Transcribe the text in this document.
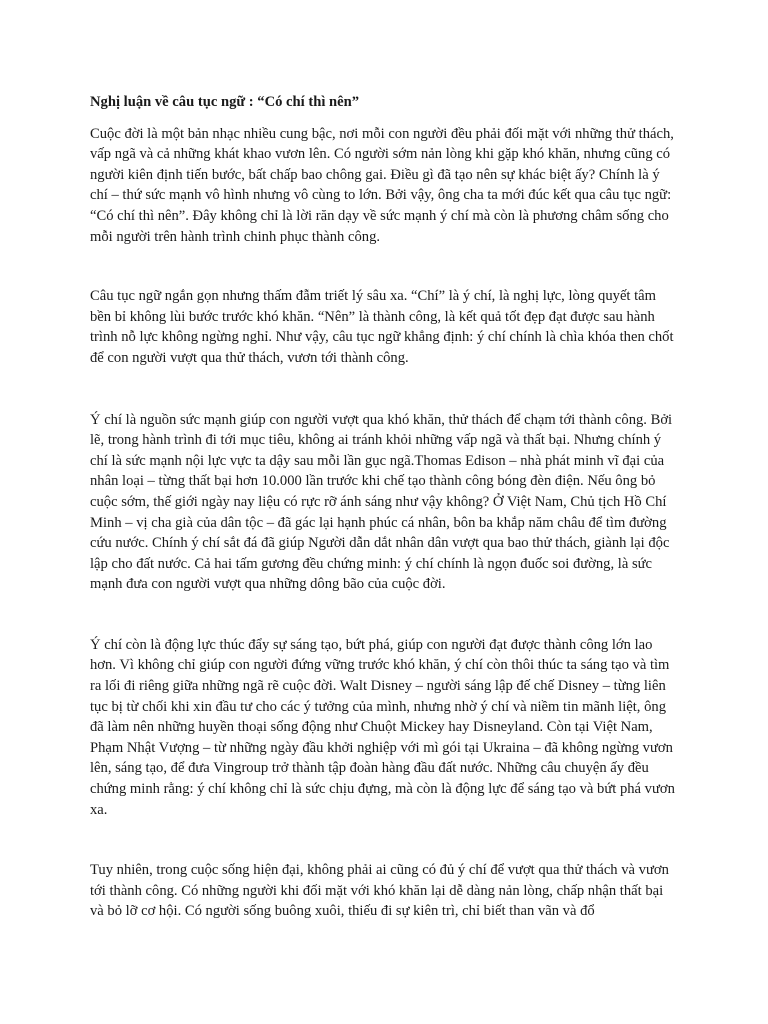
Nghị luận về câu tục ngữ : “Có chí thì nên”

Cuộc đời là một bản nhạc nhiều cung bậc, nơi mỗi con người đều phải đối mặt với những thử thách, vấp ngã và cả những khát khao vươn lên. Có người sớm nản lòng khi gặp khó khăn, nhưng cũng có người kiên định tiến bước, bất chấp bao chông gai. Điều gì đã tạo nên sự khác biệt ấy? Chính là ý chí – thứ sức mạnh vô hình nhưng vô cùng to lớn. Bởi vậy, ông cha ta mới đúc kết qua câu tục ngữ: “Có chí thì nên”. Đây không chỉ là lời răn dạy về sức mạnh ý chí mà còn là phương châm sống cho mỗi người trên hành trình chinh phục thành công.

Câu tục ngữ ngắn gọn nhưng thấm đẫm triết lý sâu xa. “Chí” là ý chí, là nghị lực, lòng quyết tâm bền bỉ không lùi bước trước khó khăn. “Nên” là thành công, là kết quả tốt đẹp đạt được sau hành trình nỗ lực không ngừng nghỉ. Như vậy, câu tục ngữ khẳng định: ý chí chính là chìa khóa then chốt để con người vượt qua thử thách, vươn tới thành công.

Ý chí là nguồn sức mạnh giúp con người vượt qua khó khăn, thử thách để chạm tới thành công. Bởi lẽ, trong hành trình đi tới mục tiêu, không ai tránh khỏi những vấp ngã và thất bại. Nhưng chính ý chí là sức mạnh nội lực vực ta dậy sau mỗi lần gục ngã.Thomas Edison – nhà phát minh vĩ đại của nhân loại – từng thất bại hơn 10.000 lần trước khi chế tạo thành công bóng đèn điện. Nếu ông bỏ cuộc sớm, thế giới ngày nay liệu có rực rỡ ánh sáng như vậy không? Ở Việt Nam, Chủ tịch Hồ Chí Minh – vị cha già của dân tộc – đã gác lại hạnh phúc cá nhân, bôn ba khắp năm châu để tìm đường cứu nước. Chính ý chí sắt đá đã giúp Người dẫn dắt nhân dân vượt qua bao thử thách, giành lại độc lập cho đất nước. Cả hai tấm gương đều chứng minh: ý chí chính là ngọn đuốc soi đường, là sức mạnh đưa con người vượt qua những dông bão của cuộc đời.

Ý chí còn là động lực thúc đẩy sự sáng tạo, bứt phá, giúp con người đạt được thành công lớn lao hơn. Vì không chỉ giúp con người đứng vững trước khó khăn, ý chí còn thôi thúc ta sáng tạo và tìm ra lối đi riêng giữa những ngã rẽ cuộc đời. Walt Disney – người sáng lập đế chế Disney – từng liên tục bị từ chối khi xin đầu tư cho các ý tưởng của mình, nhưng nhờ ý chí và niềm tin mãnh liệt, ông đã làm nên những huyền thoại sống động như Chuột Mickey hay Disneyland. Còn tại Việt Nam, Phạm Nhật Vượng – từ những ngày đầu khởi nghiệp với mì gói tại Ukraina – đã không ngừng vươn lên, sáng tạo, để đưa Vingroup trở thành tập đoàn hàng đầu đất nước. Những câu chuyện ấy đều chứng minh rằng: ý chí không chỉ là sức chịu đựng, mà còn là động lực để sáng tạo và bứt phá vươn xa.

Tuy nhiên, trong cuộc sống hiện đại, không phải ai cũng có đủ ý chí để vượt qua thử thách và vươn tới thành công. Có những người khi đối mặt với khó khăn lại dễ dàng nản lòng, chấp nhận thất bại và bỏ lỡ cơ hội. Có người sống buông xuôi, thiếu đi sự kiên trì, chỉ biết than vãn và đổ
